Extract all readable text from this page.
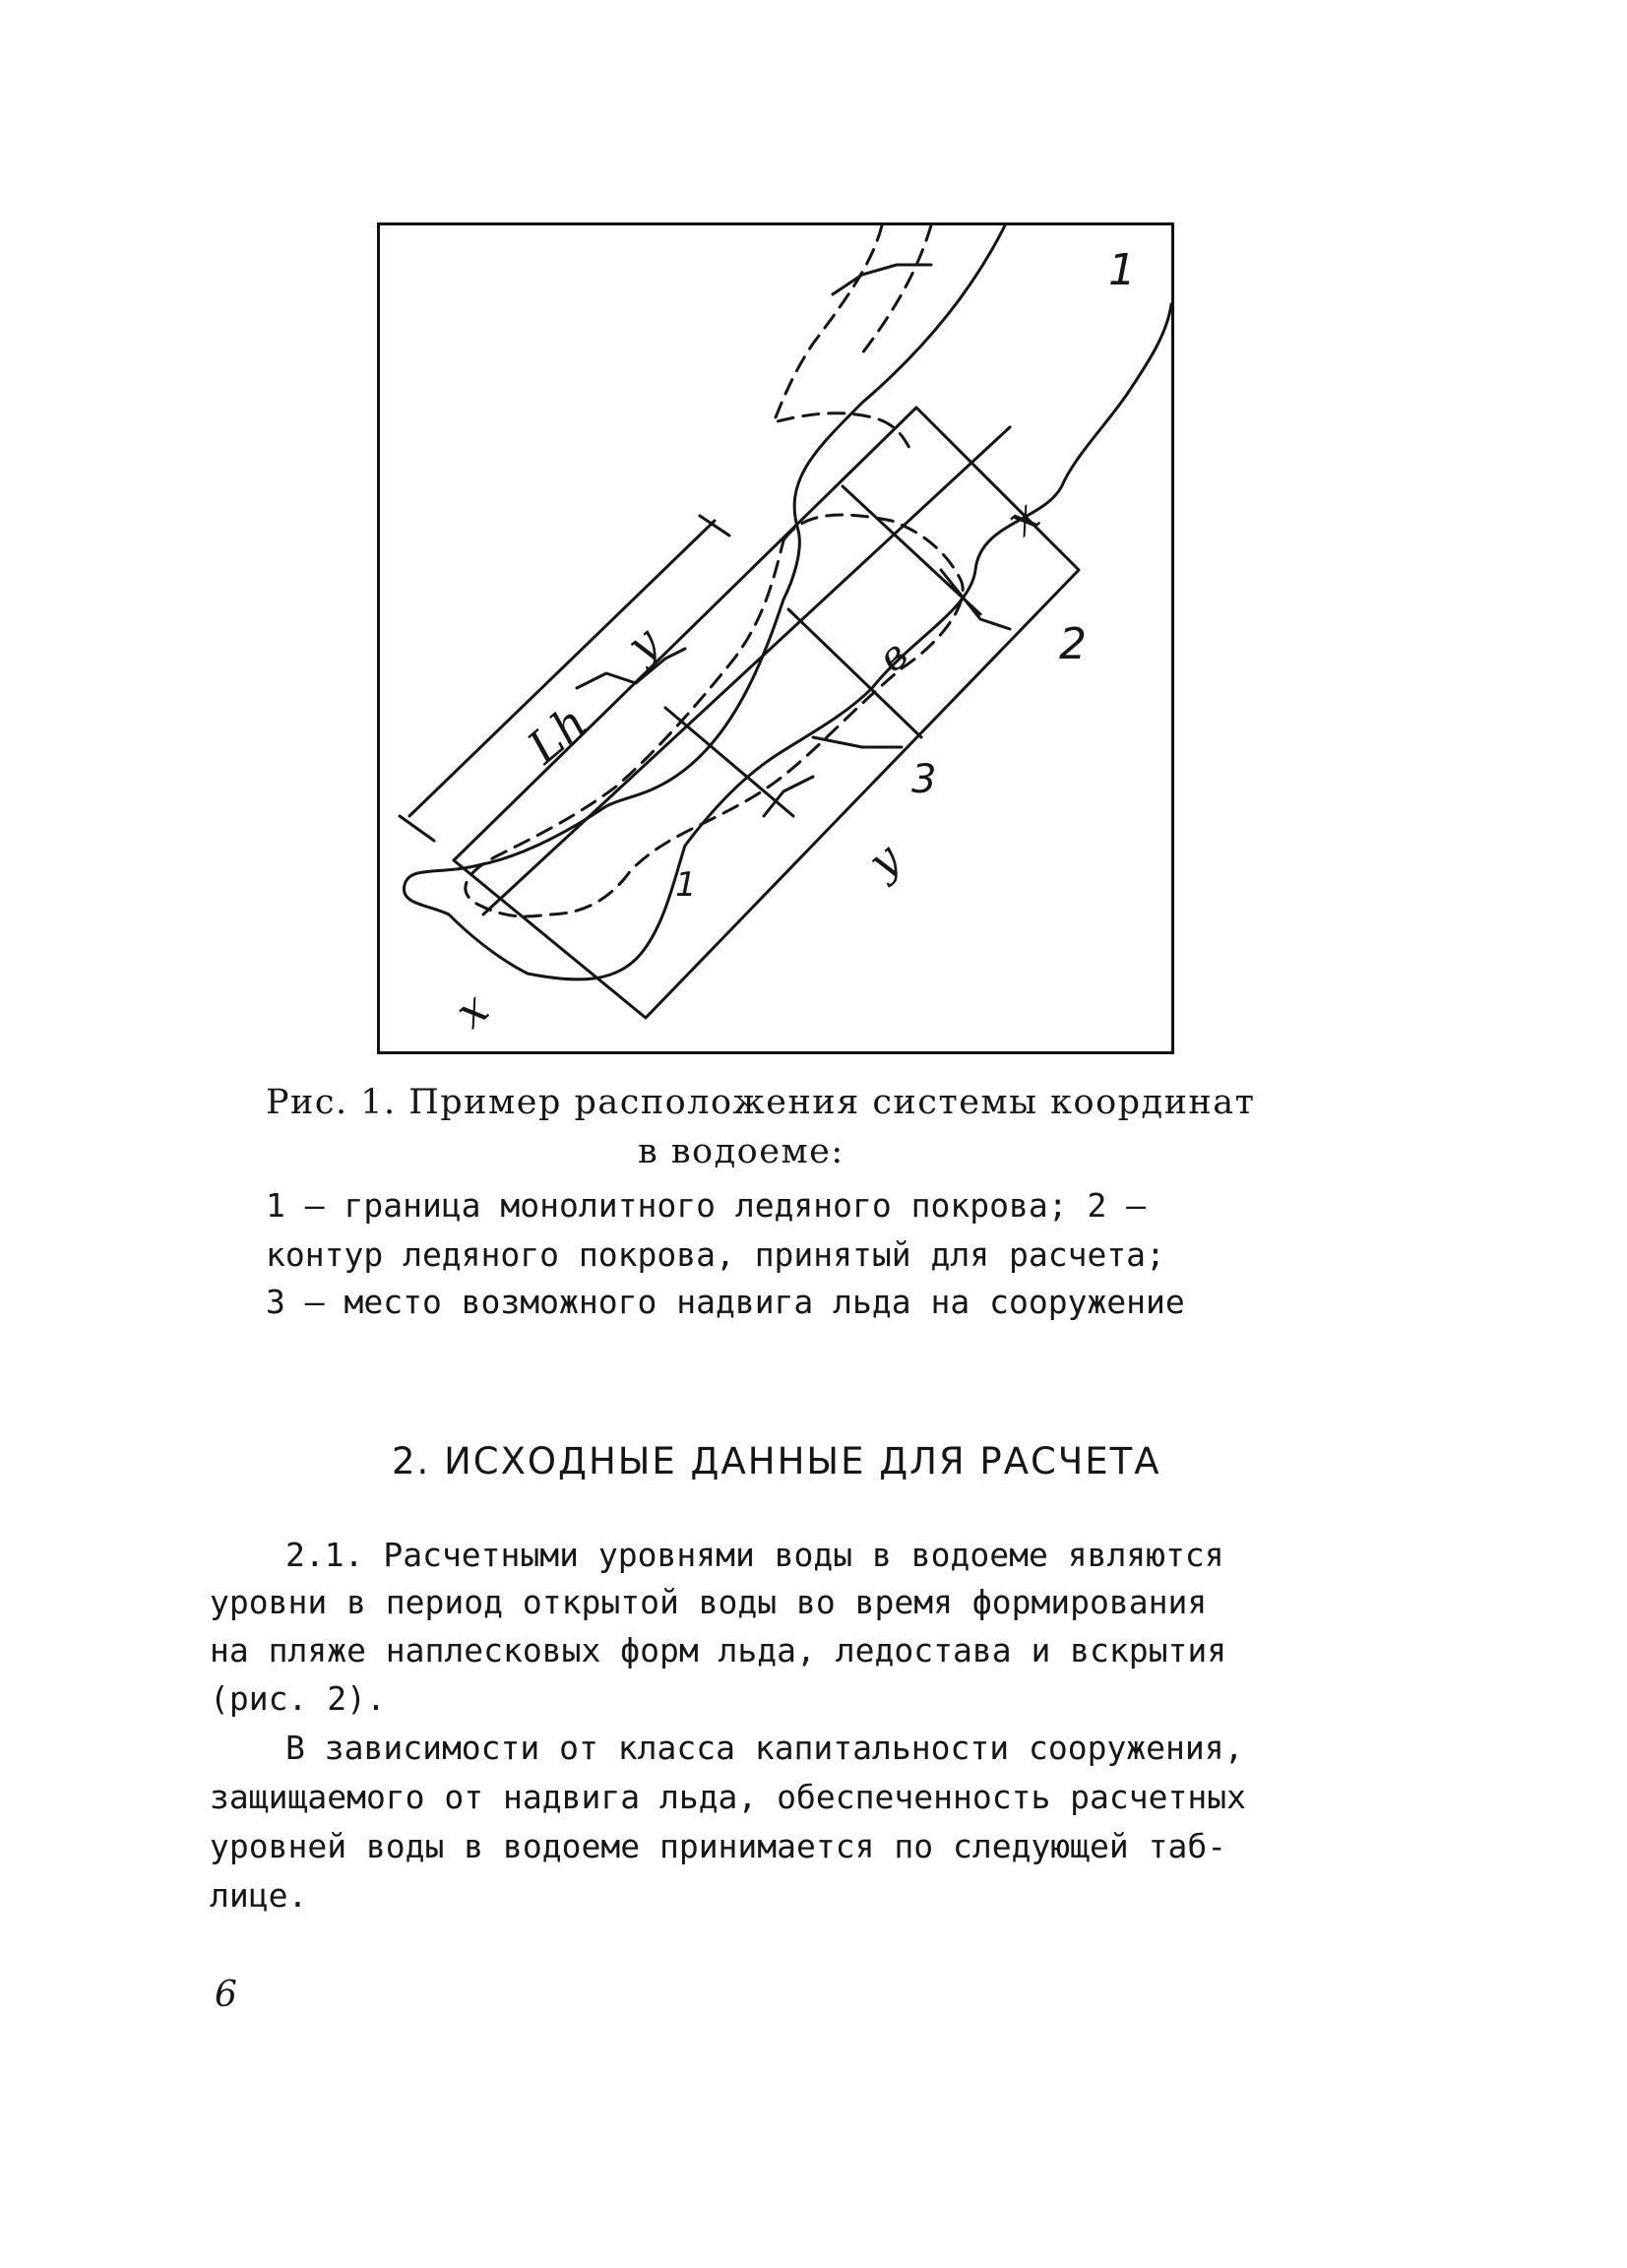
1
2
3
1
x
x
y
y
в
Lh
Рис. 1. Пример расположения системы координат
в водоеме:
1 – граница монолитного ледяного покрова; 2 –
контур ледяного покрова, принятый для расчета;
3 – место возможного надвига льда на сооружение
2. ИСХОДНЫЕ ДАННЫЕ ДЛЯ РАСЧЕТА
2.1. Расчетными уровнями воды в водоеме являются
уровни в период открытой воды во время формирования
на пляже наплесковых форм льда, ледостава и вскрытия
(рис. 2).
В зависимости от класса капитальности сооружения,
защищаемого от надвига льда, обеспеченность расчетных
уровней воды в водоеме принимается по следующей таб-
лице.
6
